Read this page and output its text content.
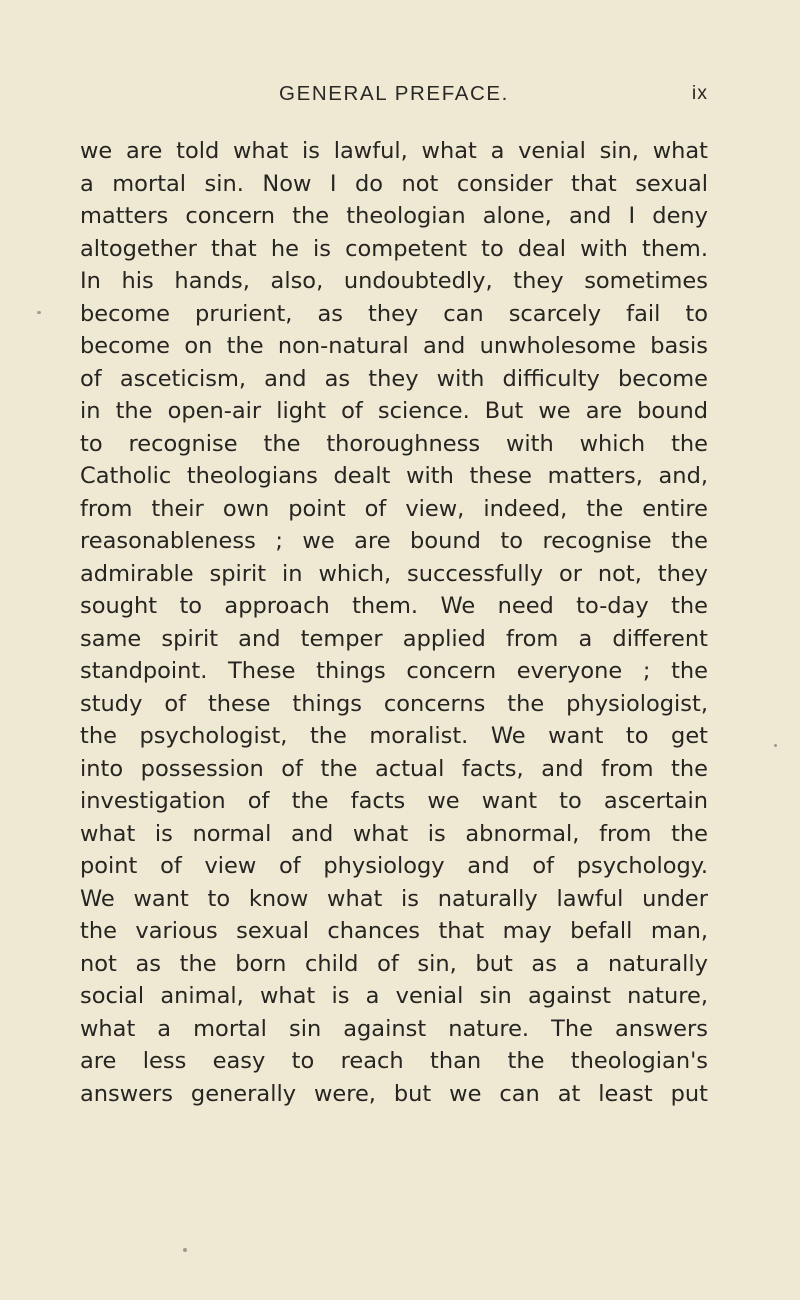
GENERAL PREFACE.	ix
we are told what is lawful, what a venial sin, what
a mortal sin. Now I do not consider that sexual
matters concern the theologian alone, and I deny
altogether that he is competent to deal with them.
In his hands, also, undoubtedly, they sometimes
become prurient, as they can scarcely fail to
become on the non-natural and unwholesome basis
of asceticism, and as they with difficulty become
in the open-air light of science. But we are bound
to recognise the thoroughness with which the
Catholic theologians dealt with these matters, and,
from their own point of view, indeed, the entire
reasonableness ; we are bound to recognise the
admirable spirit in which, successfully or not, they
sought to approach them. We need to-day the
same spirit and temper applied from a different
standpoint. These things concern everyone ; the
study of these things concerns the physiologist,
the psychologist, the moralist. We want to get
into possession of the actual facts, and from the
investigation of the facts we want to ascertain
what is normal and what is abnormal, from the
point of view of physiology and of psychology.
We want to know what is naturally lawful under
the various sexual chances that may befall man,
not as the born child of sin, but as a naturally
social animal, what is a venial sin against nature,
what a mortal sin against nature. The answers
are less easy to reach than the theologian's
answers generally were, but we can at least put
